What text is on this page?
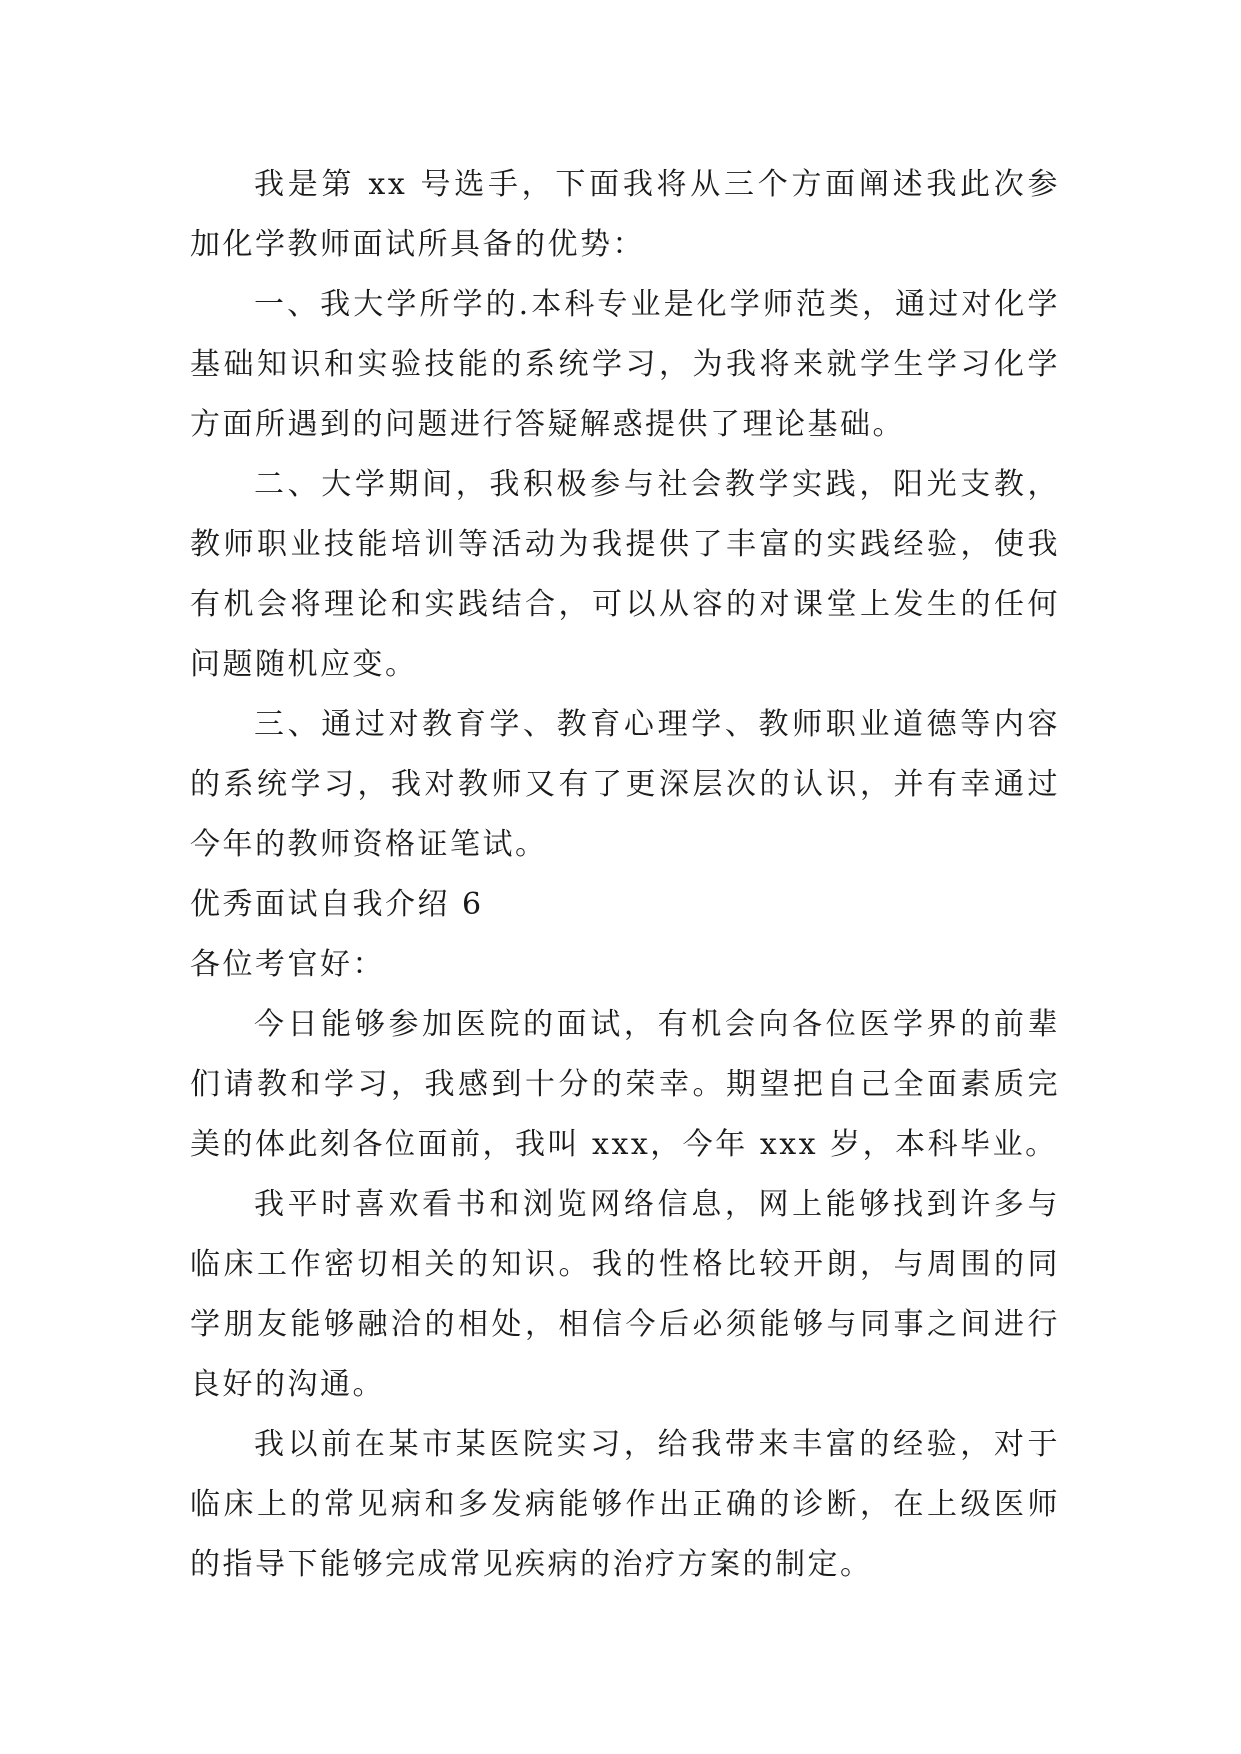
我是第 xx 号选手，下面我将从三个方面阐述我此次参加化学教师面试所具备的优势：

一、我大学所学的.本科专业是化学师范类，通过对化学基础知识和实验技能的系统学习，为我将来就学生学习化学方面所遇到的问题进行答疑解惑提供了理论基础。

二、大学期间，我积极参与社会教学实践，阳光支教，教师职业技能培训等活动为我提供了丰富的实践经验，使我有机会将理论和实践结合，可以从容的对课堂上发生的任何问题随机应变。

三、通过对教育学、教育心理学、教师职业道德等内容的系统学习，我对教师又有了更深层次的认识，并有幸通过今年的教师资格证笔试。

优秀面试自我介绍 6

各位考官好：

今日能够参加医院的面试，有机会向各位医学界的前辈们请教和学习，我感到十分的荣幸。期望把自己全面素质完美的体此刻各位面前，我叫 xxx，今年 xxx 岁，本科毕业。

我平时喜欢看书和浏览网络信息，网上能够找到许多与临床工作密切相关的知识。我的性格比较开朗，与周围的同学朋友能够融洽的相处，相信今后必须能够与同事之间进行良好的沟通。

我以前在某市某医院实习，给我带来丰富的经验，对于临床上的常见病和多发病能够作出正确的诊断，在上级医师的指导下能够完成常见疾病的治疗方案的制定。
